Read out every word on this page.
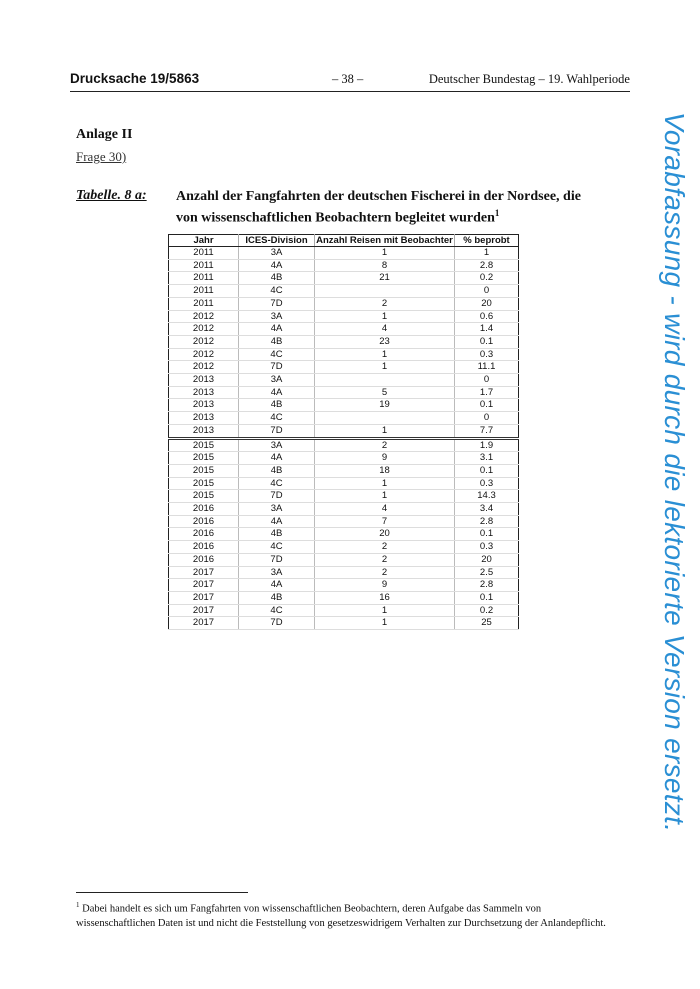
Drucksache 19/5863	– 38 –	Deutscher Bundestag – 19. Wahlperiode
Anlage II
Frage 30)
Tabelle. 8 a: Anzahl der Fangfahrten der deutschen Fischerei in der Nordsee, die von wissenschaftlichen Beobachtern begleitet wurden$^1$
Jahr	ICES-Division	Anzahl Reisen mit Beobachter	% beprobt
2011	3A	1	1
2011	4A	8	2.8
2011	4B	21	0.2
2011	4C		0
2011	7D	2	20
2012	3A	1	0.6
2012	4A	4	1.4
2012	4B	23	0.1
2012	4C	1	0.3
2012	7D	1	11.1
2013	3A		0
2013	4A	5	1.7
2013	4B	19	0.1
2013	4C		0
2013	7D	1	7.7
2015	3A	2	1.9
2015	4A	9	3.1
2015	4B	18	0.1
2015	4C	1	0.3
2015	7D	1	14.3
2016	3A	4	3.4
2016	4A	7	2.8
2016	4B	20	0.1
2016	4C	2	0.3
2016	7D	2	20
2017	3A	2	2.5
2017	4A	9	2.8
2017	4B	16	0.1
2017	4C	1	0.2
2017	7D	1	25	Vorabfassung - wird durch die lektorierte Version ersetzt.
$^1$ Dabei handelt es sich um Fangfahrten von wissenschaftlichen Beobachtern, deren Aufgabe das Sammeln von wissenschaftlichen Daten ist und nicht die Feststellung von gesetzeswidrigem Verhalten zur Durchsetzung der Anlandepflicht.
